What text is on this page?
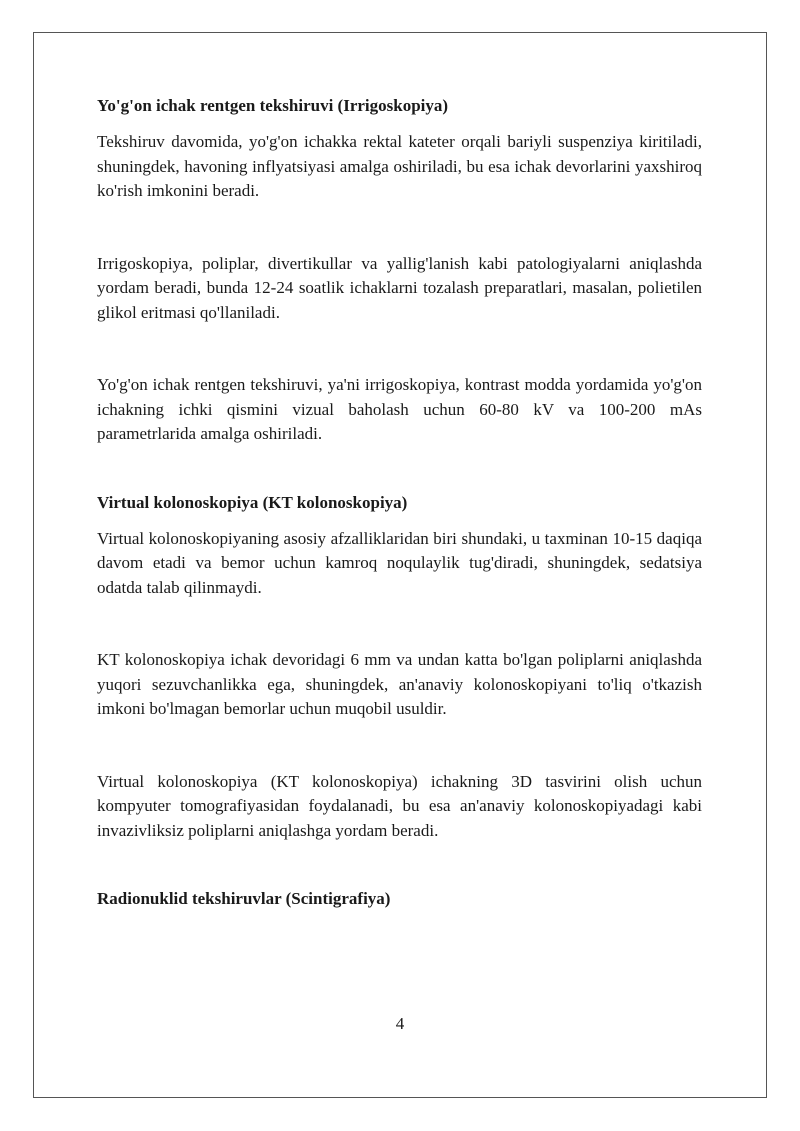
Yo'g'on ichak rentgen tekshiruvi (Irrigoskopiya)

Tekshiruv davomida, yo'g'on ichakka rektal kateter orqali bariyli suspenziya kiritiladi, shuningdek, havoning inflyatsiyasi amalga oshiriladi, bu esa ichak devorlarini yaxshiroq ko'rish imkonini beradi.

Irrigoskopiya, poliplar, divertikullar va yallig'lanish kabi patologiyalarni aniqlashda yordam beradi, bunda 12-24 soatlik ichaklarni tozalash preparatlari, masalan, polietilen glikol eritmasi qo'llaniladi.

Yo'g'on ichak rentgen tekshiruvi, ya'ni irrigoskopiya, kontrast modda yordamida yo'g'on ichakning ichki qismini vizual baholash uchun 60-80 kV va 100-200 mAs parametrlarida amalga oshiriladi.

Virtual kolonoskopiya (KT kolonoskopiya)

Virtual kolonoskopiyaning asosiy afzalliklaridan biri shundaki, u taxminan 10-15 daqiqa davom etadi va bemor uchun kamroq noqulaylik tug'diradi, shuningdek, sedatsiya odatda talab qilinmaydi.

KT kolonoskopiya ichak devoridagi 6 mm va undan katta bo'lgan poliplarni aniqlashda yuqori sezuvchanlikka ega, shuningdek, an'anaviy kolonoskopiyani to'liq o'tkazish imkoni bo'lmagan bemorlar uchun muqobil usuldir.

Virtual kolonoskopiya (KT kolonoskopiya) ichakning 3D tasvirini olish uchun kompyuter tomografiyasidan foydalanadi, bu esa an'anaviy kolonoskopiyadagi kabi invazivliksiz poliplarni aniqlashga yordam beradi.

Radionuklid tekshiruvlar (Scintigrafiya)
4
